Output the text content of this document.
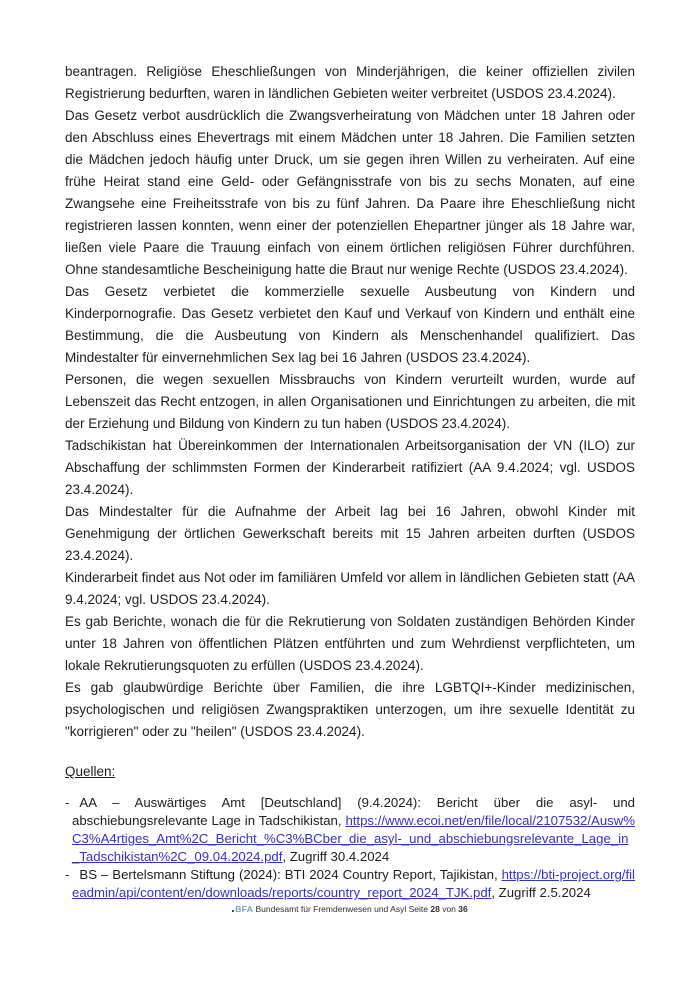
beantragen. Religiöse Eheschließungen von Minderjährigen, die keiner offiziellen zivilen Registrierung bedurften, waren in ländlichen Gebieten weiter verbreitet (USDOS 23.4.2024).

Das Gesetz verbot ausdrücklich die Zwangsverheiratung von Mädchen unter 18 Jahren oder den Abschluss eines Ehevertrags mit einem Mädchen unter 18 Jahren. Die Familien setzten die Mädchen jedoch häufig unter Druck, um sie gegen ihren Willen zu verheiraten. Auf eine frühe Heirat stand eine Geld- oder Gefängnisstrafe von bis zu sechs Monaten, auf eine Zwangsehe eine Freiheitsstrafe von bis zu fünf Jahren. Da Paare ihre Eheschließung nicht registrieren lassen konnten, wenn einer der potenziellen Ehepartner jünger als 18 Jahre war, ließen viele Paare die Trauung einfach von einem örtlichen religiösen Führer durchführen. Ohne standesamtliche Bescheinigung hatte die Braut nur wenige Rechte (USDOS 23.4.2024).

Das Gesetz verbietet die kommerzielle sexuelle Ausbeutung von Kindern und Kinderpornografie. Das Gesetz verbietet den Kauf und Verkauf von Kindern und enthält eine Bestimmung, die die Ausbeutung von Kindern als Menschenhandel qualifiziert. Das Mindestalter für einvernehmlichen Sex lag bei 16 Jahren (USDOS 23.4.2024).

Personen, die wegen sexuellen Missbrauchs von Kindern verurteilt wurden, wurde auf Lebenszeit das Recht entzogen, in allen Organisationen und Einrichtungen zu arbeiten, die mit der Erziehung und Bildung von Kindern zu tun haben (USDOS 23.4.2024).

Tadschikistan hat Übereinkommen der Internationalen Arbeitsorganisation der VN (ILO) zur Abschaffung der schlimmsten Formen der Kinderarbeit ratifiziert (AA 9.4.2024; vgl. USDOS 23.4.2024).

Das Mindestalter für die Aufnahme der Arbeit lag bei 16 Jahren, obwohl Kinder mit Genehmigung der örtlichen Gewerkschaft bereits mit 15 Jahren arbeiten durften (USDOS 23.4.2024).

Kinderarbeit findet aus Not oder im familiären Umfeld vor allem in ländlichen Gebieten statt (AA 9.4.2024; vgl. USDOS 23.4.2024).

Es gab Berichte, wonach die für die Rekrutierung von Soldaten zuständigen Behörden Kinder unter 18 Jahren von öffentlichen Plätzen entführten und zum Wehrdienst verpflichteten, um lokale Rekrutierungsquoten zu erfüllen (USDOS 23.4.2024).

Es gab glaubwürdige Berichte über Familien, die ihre LGBTQI+-Kinder medizinischen, psychologischen und religiösen Zwangspraktiken unterzogen, um ihre sexuelle Identität zu "korrigieren" oder zu "heilen" (USDOS 23.4.2024).

Quellen:

- AA – Auswärtiges Amt [Deutschland] (9.4.2024): Bericht über die asyl- und abschiebungsrelevante Lage in Tadschikistan, https://www.ecoi.net/en/file/local/2107532/Ausw%C3%A4rtiges_Amt%2C_Bericht_%C3%BCber_die_asyl-_und_abschiebungsrelevante_Lage_in_Tadschikistan%2C_09.04.2024.pdf, Zugriff 30.4.2024

- BS – Bertelsmann Stiftung (2024): BTI 2024 Country Report, Tajikistan, https://bti-project.org/fileadmin/api/content/en/downloads/reports/country_report_2024_TJK.pdf, Zugriff 2.5.2024

BFA Bundesamt für Fremdenwesen und Asyl Seite 28 von 36
